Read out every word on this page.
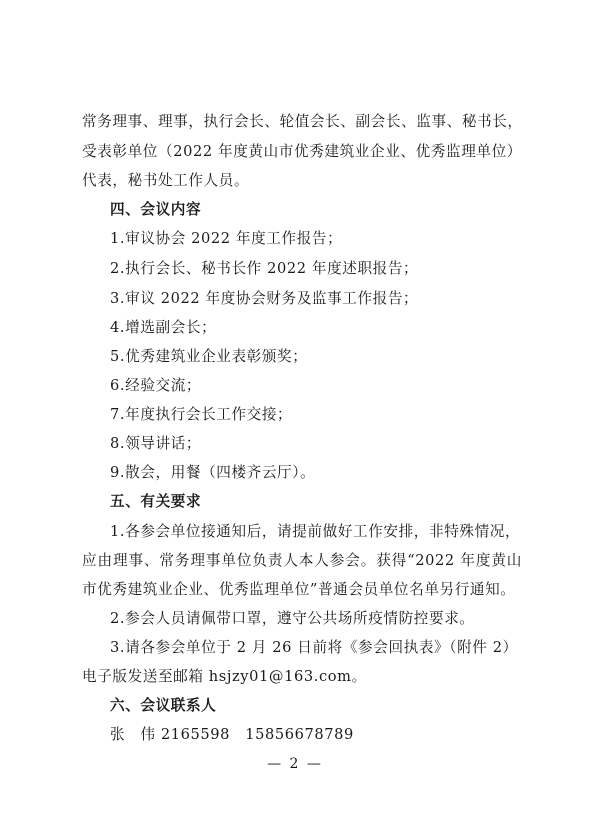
常务理事、理事，执行会长、轮值会长、副会长、监事、秘书长，
受表彰单位（2022 年度黄山市优秀建筑业企业、优秀监理单位）
代表，秘书处工作人员。
四、会议内容
1.审议协会 2022 年度工作报告；
2.执行会长、秘书长作 2022 年度述职报告；
3.审议 2022 年度协会财务及监事工作报告；
4.增选副会长；
5.优秀建筑业企业表彰颁奖；
6.经验交流；
7.年度执行会长工作交接；
8.领导讲话；
9.散会，用餐（四楼齐云厅）。
五、有关要求
1.各参会单位接通知后，请提前做好工作安排，非特殊情况，
应由理事、常务理事单位负责人本人参会。获得“2022 年度黄山
市优秀建筑业企业、优秀监理单位”普通会员单位名单另行通知。
2.参会人员请佩带口罩，遵守公共场所疫情防控要求。
3.请各参会单位于 2 月 26 日前将《参会回执表》（附件 2）
电子版发送至邮箱 hsjzy01@163.com。
六、会议联系人
张　伟 2165598　15856678789
— 2 —
